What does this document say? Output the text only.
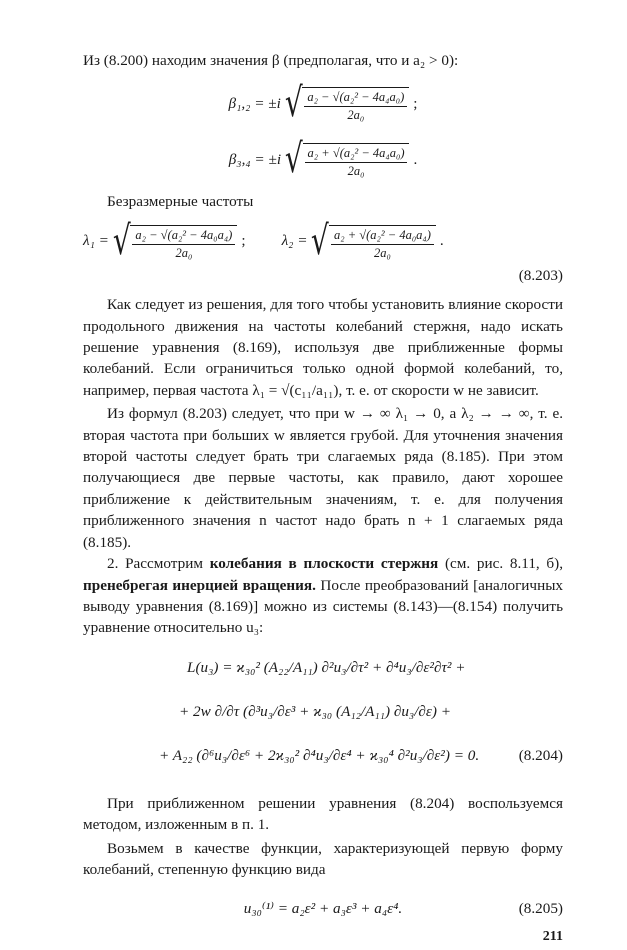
Из (8.200) находим значения β (предполагая, что и a₂ > 0):

β₁,₂ = ±i √ $\frac{\text{a₂ − √(a₂² − 4a₄a₀)}}{\text{2a₀}}$ ;
β₃,₄ = ±i √ $\frac{\text{a₂ + √(a₂² − 4a₄a₀)}}{\text{2a₀}}$ .

Безразмерные частоты

λ₁ = √ $\frac{\text{a₂ − √(a₂² − 4a₀a₄)}}{\text{2a₀}}$ ; λ₂ = √ $\frac{\text{a₂ + √(a₂² − 4a₀a₄)}}{\text{2a₀}}$ .
(8.203)

Как следует из решения, для того чтобы установить влияние скорости продольного движения на частоты колебаний стержня, надо искать решение уравнения (8.169), используя две приближенные формы колебаний. Если ограничиться только одной формой колебаний, то, например, первая частота λ₁ = √(c₁₁/a₁₁), т. е. от скорости w не зависит.

Из формул (8.203) следует, что при w → ∞ λ₁ → 0, а λ₂ → → ∞, т. е. вторая частота при больших w является грубой. Для уточнения значения второй частоты следует брать три слагаемых ряда (8.185). При этом получающиеся две первые частоты, как правило, дают хорошее приближение к действительным значениям, т. е. для получения приближенного значения n частот надо брать n + 1 слагаемых ряда (8.185).

2. Рассмотрим колебания в плоскости стержня (см. рис. 8.11, б), пренебрегая инерцией вращения. После преобразований [аналогичных выводу уравнения (8.169)] можно из системы (8.143)—(8.154) получить уравнение относительно u₃:

L(u₃) = ϰ₃₀² (A₂₂/A₁₁) ∂²u₃/∂τ² + ∂⁴u₃/∂ε²∂τ² +
+ 2w ∂/∂τ (∂³u₃/∂ε³ + ϰ₃₀ (A₁₂/A₁₁) ∂u₃/∂ε) +
+ A₂₂ (∂⁶u₃/∂ε⁶ + 2ϰ₃₀² ∂⁴u₃/∂ε⁴ + ϰ₃₀⁴ ∂²u₃/∂ε²) = 0.	(8.204)

При приближенном решении уравнения (8.204) воспользуемся методом, изложенным в п. 1.

Возьмем в качестве функции, характеризующей первую форму колебаний, степенную функцию вида

u₃₀⁽¹⁾ = a₂ε² + a₃ε³ + a₄ε⁴.	(8.205)
211
